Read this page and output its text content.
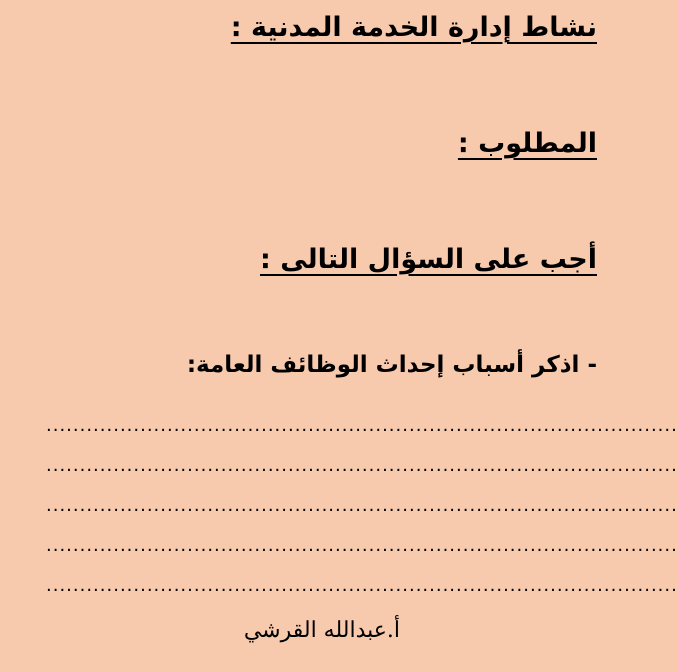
نشاط إدارة الخدمة المدنية :
المطلوب :
أجب على السؤال التالى :
- اذكر أسباب إحداث الوظائف العامة:
..............................................................................................
..............................................................................................
..............................................................................................
..............................................................................................
..............................................................................................
أ.عبدالله القرشي
